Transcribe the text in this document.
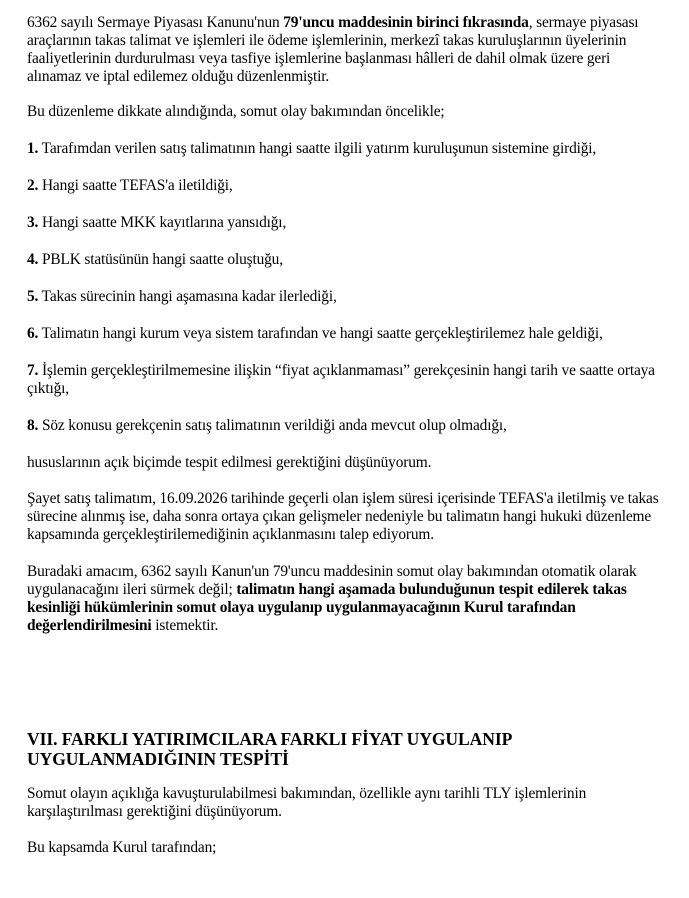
6362 sayılı Sermaye Piyasası Kanunu'nun 79'uncu maddesinin birinci fıkrasında, sermaye piyasası araçlarının takas talimat ve işlemleri ile ödeme işlemlerinin, merkezî takas kuruluşlarının üyelerinin faaliyetlerinin durdurulması veya tasfiye işlemlerine başlanması hâlleri de dahil olmak üzere geri alınamaz ve iptal edilemez olduğu düzenlenmiştir.

Bu düzenleme dikkate alındığında, somut olay bakımından öncelikle;

1. Tarafımdan verilen satış talimatının hangi saatte ilgili yatırım kuruluşunun sistemine girdiği,

2. Hangi saatte TEFAS'a iletildiği,

3. Hangi saatte MKK kayıtlarına yansıdığı,

4. PBLK statüsünün hangi saatte oluştuğu,

5. Takas sürecinin hangi aşamasına kadar ilerlediği,

6. Talimatın hangi kurum veya sistem tarafından ve hangi saatte gerçekleştirilemez hale geldiği,

7. İşlemin gerçekleştirilmemesine ilişkin “fiyat açıklanmaması” gerekçesinin hangi tarih ve saatte ortaya çıktığı,

8. Söz konusu gerekçenin satış talimatının verildiği anda mevcut olup olmadığı,

hususlarının açık biçimde tespit edilmesi gerektiğini düşünüyorum.

Şayet satış talimatım, 16.09.2026 tarihinde geçerli olan işlem süresi içerisinde TEFAS'a iletilmiş ve takas sürecine alınmış ise, daha sonra ortaya çıkan gelişmeler nedeniyle bu talimatın hangi hukuki düzenleme kapsamında gerçekleştirilemediğinin açıklanmasını talep ediyorum.

Buradaki amacım, 6362 sayılı Kanun'un 79'uncu maddesinin somut olay bakımından otomatik olarak uygulanacağını ileri sürmek değil; talimatın hangi aşamada bulunduğunun tespit edilerek takas kesinliği hükümlerinin somut olaya uygulanıp uygulanmayacağının Kurul tarafından değerlendirilmesini istemektir.

VII. FARKLI YATIRIMCILARA FARKLI FİYAT UYGULANIP UYGULANMADIĞININ TESPİTİ

Somut olayın açıklığa kavuşturulabilmesi bakımından, özellikle aynı tarihli TLY işlemlerinin karşılaştırılması gerektiğini düşünüyorum.

Bu kapsamda Kurul tarafından;
